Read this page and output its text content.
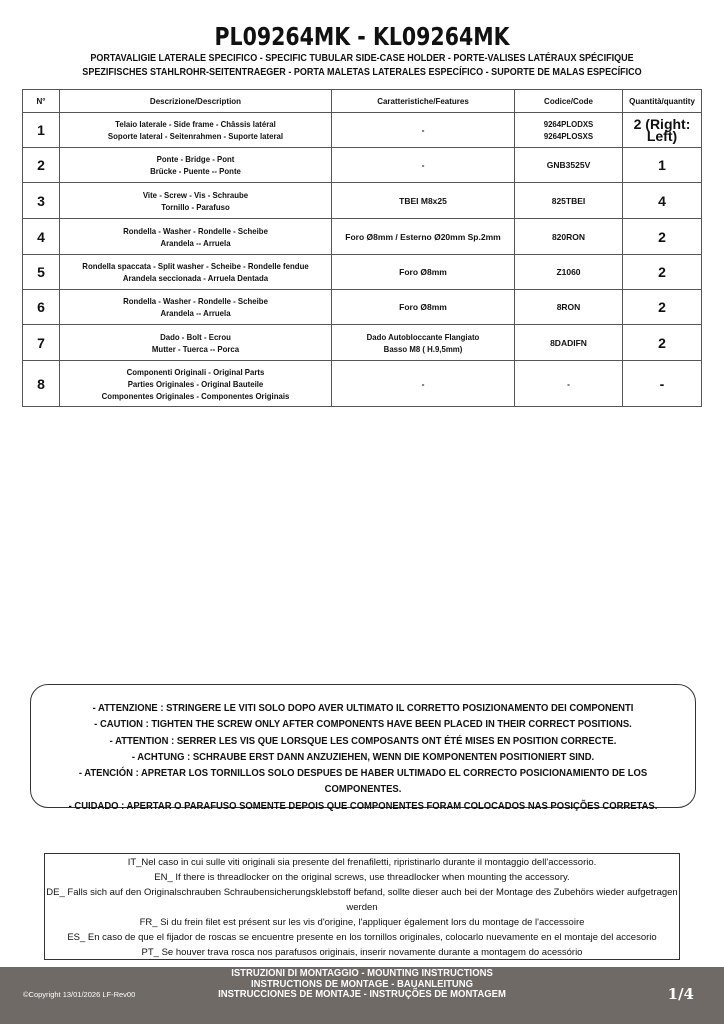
PL09264MK - KL09264MK
PORTAVALIGIE LATERALE SPECIFICO - SPECIFIC TUBULAR SIDE-CASE HOLDER - PORTE-VALISES LATÉRAUX SPÉCIFIQUE
SPEZIFISCHES STAHLROHR-SEITENTRAEGER - PORTA MALETAS LATERALES ESPECÍFICO - SUPORTE DE MALAS ESPECÍFICO
N°	Descrizione/Description	Caratteristiche/Features	Codice/Code	Quantità/quantity
1	Telaio laterale - Side frame - Châssis latéral
Soporte lateral - Seitenrahmen - Suporte lateral	-	9264PLODXS
9264PLOSXS	2 (Right: Left)
2	Ponte - Bridge - Pont
Brücke - Puente -- Ponte	-	GNB3525V	1
3	Vite - Screw - Vis - Schraube
Tornillo - Parafuso	TBEI M8x25	825TBEI	4
4	Rondella - Washer - Rondelle - Scheibe
Arandela -- Arruela	Foro Ø8mm / Esterno Ø20mm Sp.2mm	820RON	2
5	Rondella spaccata - Split washer - Scheibe - Rondelle fendue
Arandela seccionada - Arruela Dentada	Foro Ø8mm	Z1060	2
6	Rondella - Washer - Rondelle - Scheibe
Arandela -- Arruela	Foro Ø8mm	8RON	2
7	Dado - Bolt - Ecrou
Mutter - Tuerca -- Porca	Dado Autobloccante Flangiato
Basso M8 ( H.9,5mm)	8DADIFN	2
8	Componenti Originali - Original Parts
Parties Originales - Original Bauteile
Componentes Originales - Componentes Originais	-	-	-
- ATTENZIONE : STRINGERE LE VITI SOLO DOPO AVER ULTIMATO IL CORRETTO POSIZIONAMENTO DEI COMPONENTI
- CAUTION : TIGHTEN THE SCREW ONLY AFTER COMPONENTS HAVE BEEN PLACED IN THEIR CORRECT POSITIONS.
- ATTENTION : SERRER LES VIS QUE LORSQUE LES COMPOSANTS ONT ÉTÉ MISES EN POSITION CORRECTE.
- ACHTUNG : SCHRAUBE ERST DANN ANZUZIEHEN, WENN DIE KOMPONENTEN POSITIONIERT SIND.
- ATENCIÓN : APRETAR LOS TORNILLOS SOLO DESPUES DE HABER ULTIMADO EL CORRECTO POSICIONAMIENTO DE LOS COMPONENTES.
- CUIDADO : APERTAR O PARAFUSO SOMENTE DEPOIS QUE COMPONENTES FORAM COLOCADOS NAS POSIÇÕES CORRETAS.
IT_Nel caso in cui sulle viti originali sia presente del frenafiletti, ripristinarlo durante il montaggio dell'accessorio.
EN_ If there is threadlocker on the original screws, use threadlocker when mounting the accessory.
DE_ Falls sich auf den Originalschrauben Schraubensicherungsklebstoff befand, sollte dieser auch bei der Montage des Zubehörs wieder aufgetragen
werden
FR_ Si du frein filet est présent sur les vis d'origine, l'appliquer également lors du montage de l'accessoire
ES_ En caso de que el fijador de roscas se encuentre presente en los tornillos originales, colocarlo nuevamente en el montaje del accesorio
PT_ Se houver trava rosca nos parafusos originais, inserir novamente durante a montagem do acessório
ISTRUZIONI DI MONTAGGIO - MOUNTING INSTRUCTIONS
INSTRUCTIONS DE MONTAGE - BAUANLEITUNG
INSTRUCCIONES DE MONTAJE - INSTRUÇÕES DE MONTAGEM
©Copyright 13/01/2026 LF-Rev00	1/4
